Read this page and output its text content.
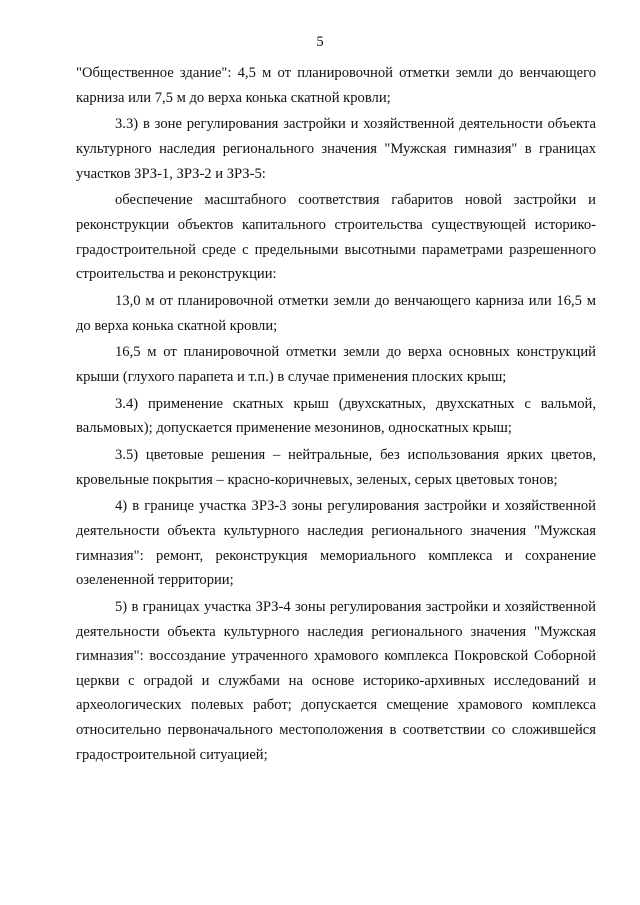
5

"Общественное здание": 4,5 м от планировочной отметки земли до венчающего карниза или 7,5 м до верха конька скатной кровли;

3.3) в зоне регулирования застройки и хозяйственной деятельности объекта культурного наследия регионального значения "Мужская гимназия" в границах участков ЗРЗ-1, ЗРЗ-2 и ЗРЗ-5:

обеспечение масштабного соответствия габаритов новой застройки и реконструкции объектов капитального строительства существующей историко-градостроительной среде с предельными высотными параметрами разрешенного строительства и реконструкции:

13,0 м от планировочной отметки земли до венчающего карниза или 16,5 м до верха конька скатной кровли;

16,5 м от планировочной отметки земли до верха основных конструкций крыши (глухого парапета и т.п.) в случае применения плоских крыш;

3.4) применение скатных крыш (двухскатных, двухскатных с вальмой, вальмовых); допускается применение мезонинов, односкатных крыш;

3.5) цветовые решения – нейтральные, без использования ярких цветов, кровельные покрытия – красно-коричневых, зеленых, серых цветовых тонов;

4) в границе участка ЗРЗ-3 зоны регулирования застройки и хозяйственной деятельности объекта культурного наследия регионального значения "Мужская гимназия": ремонт, реконструкция мемориального комплекса и сохранение озелененной территории;

5) в границах участка ЗРЗ-4 зоны регулирования застройки и хозяйственной деятельности объекта культурного наследия регионального значения "Мужская гимназия": воссоздание утраченного храмового комплекса Покровской Соборной церкви с оградой и службами на основе историко-архивных исследований и археологических полевых работ; допускается смещение храмового комплекса относительно первоначального местоположения в соответствии со сложившейся градостроительной ситуацией;
